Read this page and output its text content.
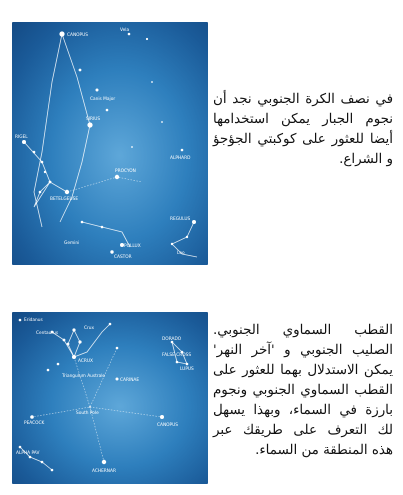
CANOPUS
Vela
Canis Major
SIRIUS
RIGEL
BETELGEUSE
PROCYON
ALPHARD
REGULUS
Gemini
POLLUX
CASTOR
Leo
في نصف الكرة الجنوبي نجد أن نجوم الجبار يمكن استخدامها أيضا للعثور على كوكبتي الجؤجؤ و الشراع.
Eridanus
Centaurus
Crux
ACRUX
Triangulum Australe
CARINAE
South Pole
PEACOCK
ACHERNAR
CANOPUS
DORADO
LUPUS
FALSE CROSS
ALPHA PAV
القطب السماوي الجنوبي. الصليب الجنوبي و 'آخر النهر' يمكن الاستدلال بهما للعثور على القطب السماوي الجنوبي ونجوم بارزة في السماء، وبهذا يسهل لك التعرف على طريقك عبر هذه المنطقة من السماء.
